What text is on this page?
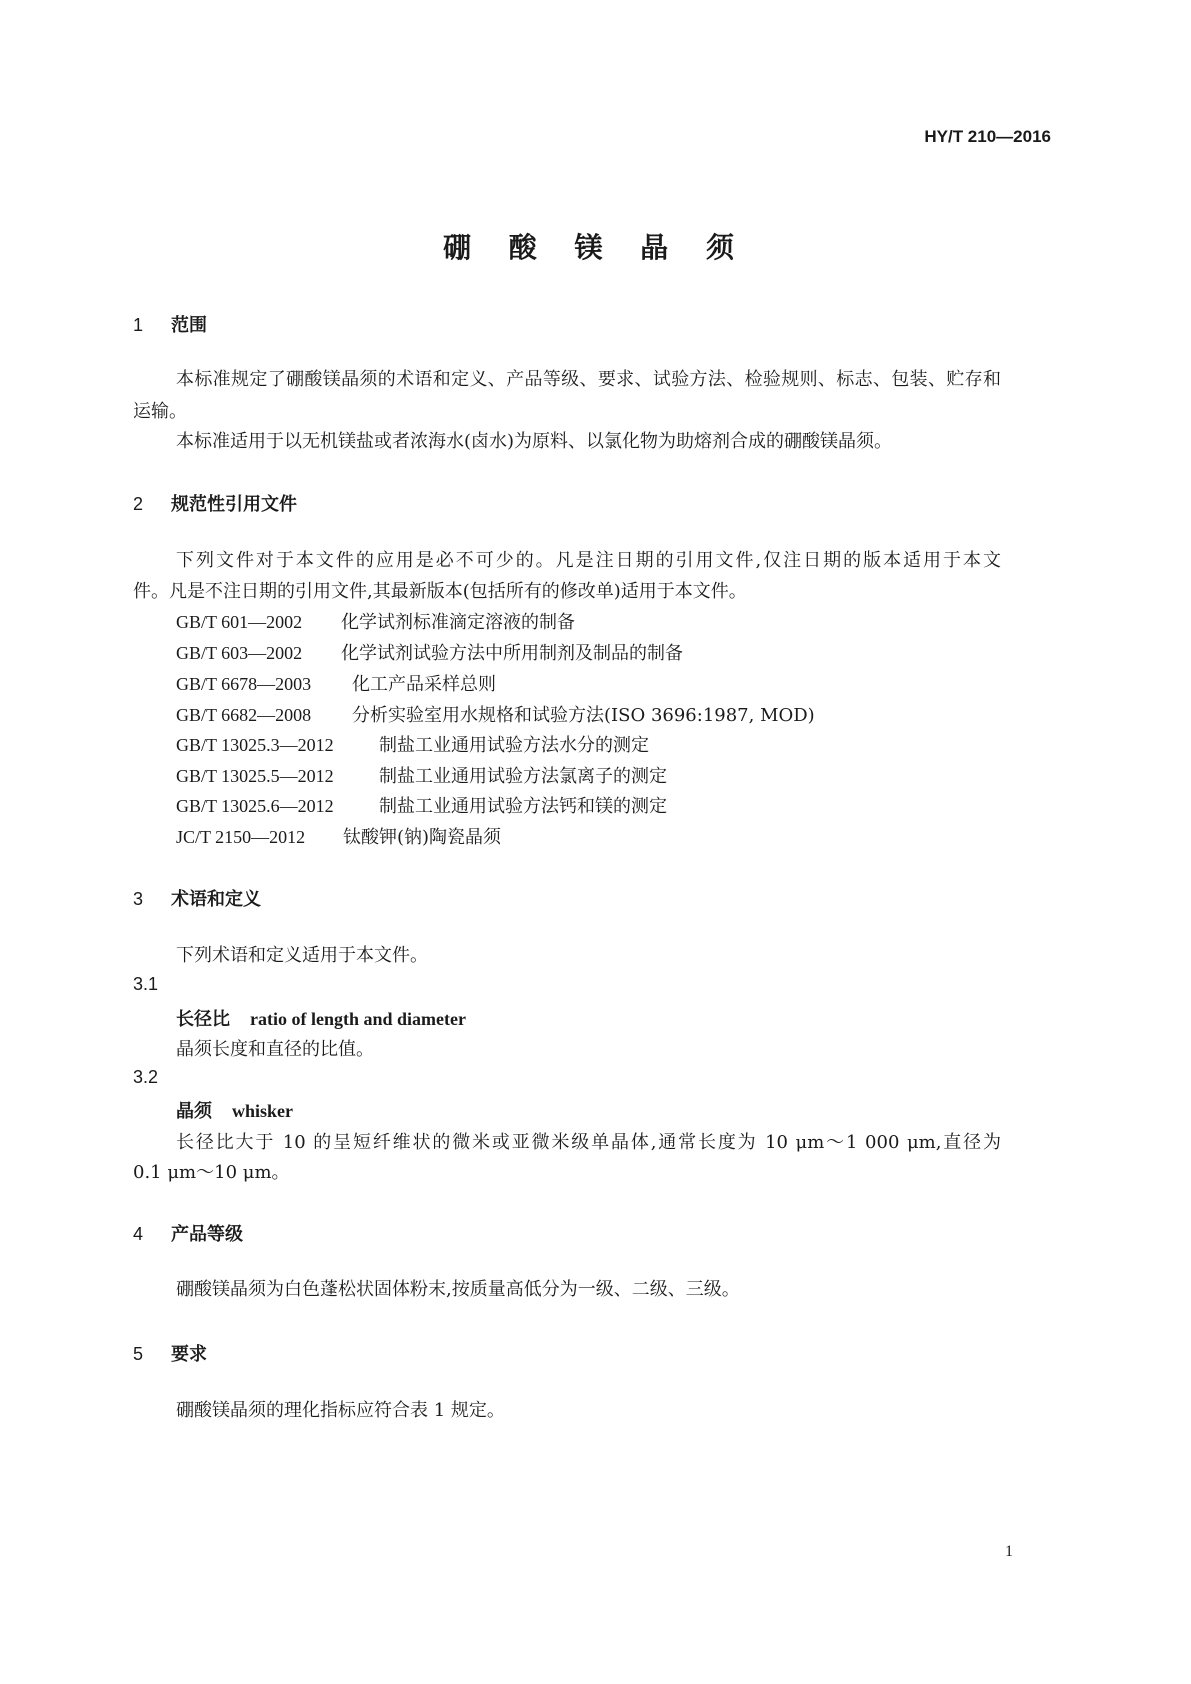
HY/T 210—2016
硼 酸 镁 晶 须
1 范围
本标准规定了硼酸镁晶须的术语和定义、产品等级、要求、试验方法、检验规则、标志、包装、贮存和
运输。
本标准适用于以无机镁盐或者浓海水(卤水)为原料、以氯化物为助熔剂合成的硼酸镁晶须。
2 规范性引用文件
下列文件对于本文件的应用是必不可少的。凡是注日期的引用文件,仅注日期的版本适用于本文
件。凡是不注日期的引用文件,其最新版本(包括所有的修改单)适用于本文件。
GB/T 601—2002 化学试剂标准滴定溶液的制备
GB/T 603—2002 化学试剂试验方法中所用制剂及制品的制备
GB/T 6678—2003 化工产品采样总则
GB/T 6682—2008 分析实验室用水规格和试验方法(ISO 3696:1987, MOD)
GB/T 13025.3—2012	制盐工业通用试验方法水分的测定
GB/T 13025.5—2012	制盐工业通用试验方法氯离子的测定
GB/T 13025.6—2012	制盐工业通用试验方法钙和镁的测定
JC/T 2150—2012 钛酸钾(钠)陶瓷晶须
3 术语和定义
下列术语和定义适用于本文件。
3.1
长径比 ratio of length and diameter
晶须长度和直径的比值。
3.2
晶须 whisker
长径比大于 10 的呈短纤维状的微米或亚微米级单晶体,通常长度为 10 μm～1 000 μm,直径为
0.1 μm～10 μm。
4 产品等级
硼酸镁晶须为白色蓬松状固体粉末,按质量高低分为一级、二级、三级。
5 要求
硼酸镁晶须的理化指标应符合表 1 规定。
1
